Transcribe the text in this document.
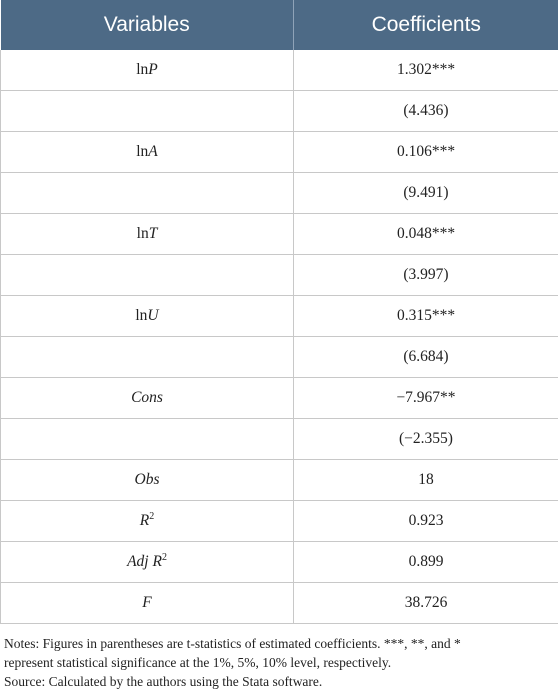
Variables	Coefficients
lnP	1.302***
	(4.436)
lnA	0.106***
	(9.491)
lnT	0.048***
	(3.997)
lnU	0.315***
	(6.684)
Cons	−7.967**
	(−2.355)
Obs	18
$R^2$	0.923
Adj $R^2$	0.899
F	38.726
Notes: Figures in parentheses are t-statistics of estimated coefficients. ***, **, and *
represent statistical significance at the 1%, 5%, 10% level, respectively.
Source: Calculated by the authors using the Stata software.
